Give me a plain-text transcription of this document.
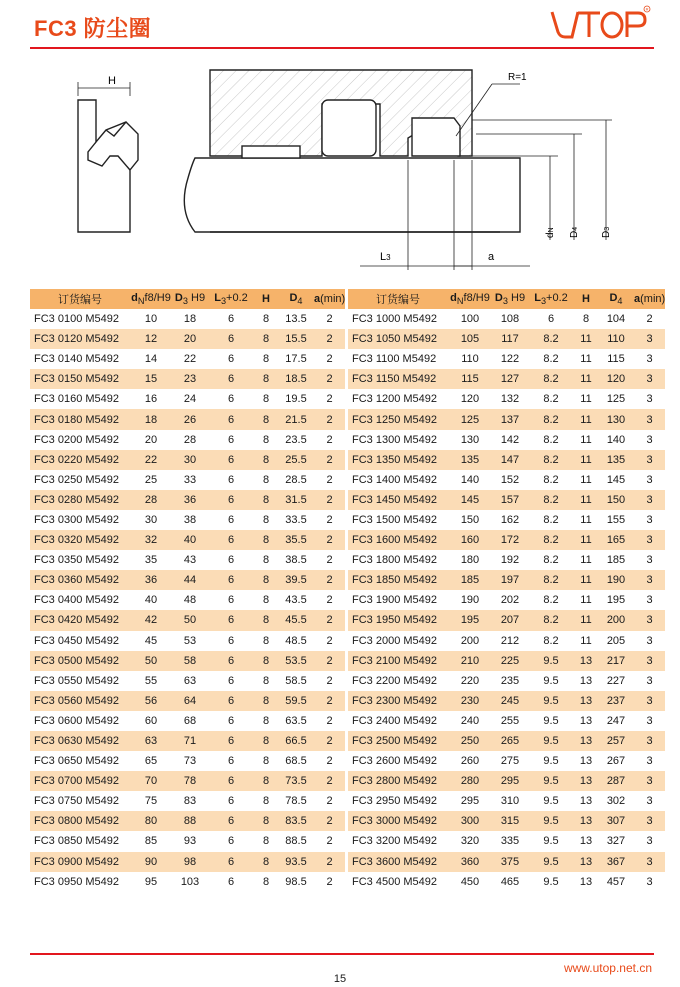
FC3 防尘圈
R
H	R=1
dN
D4
D3
L3	a
订货编号	$d_Nf8/H9$	$D_3$ H9	$L_3+0.2$	H	$D_4$	a(min)
FC3 0100 M5492	10	18	6	8	13.5	2
FC3 0120 M5492	12	20	6	8	15.5	2
FC3 0140 M5492	14	22	6	8	17.5	2
FC3 0150 M5492	15	23	6	8	18.5	2
FC3 0160 M5492	16	24	6	8	19.5	2
FC3 0180 M5492	18	26	6	8	21.5	2
FC3 0200 M5492	20	28	6	8	23.5	2
FC3 0220 M5492	22	30	6	8	25.5	2
FC3 0250 M5492	25	33	6	8	28.5	2
FC3 0280 M5492	28	36	6	8	31.5	2
FC3 0300 M5492	30	38	6	8	33.5	2
FC3 0320 M5492	32	40	6	8	35.5	2
FC3 0350 M5492	35	43	6	8	38.5	2
FC3 0360 M5492	36	44	6	8	39.5	2
FC3 0400 M5492	40	48	6	8	43.5	2
FC3 0420 M5492	42	50	6	8	45.5	2
FC3 0450 M5492	45	53	6	8	48.5	2
FC3 0500 M5492	50	58	6	8	53.5	2
FC3 0550 M5492	55	63	6	8	58.5	2
FC3 0560 M5492	56	64	6	8	59.5	2
FC3 0600 M5492	60	68	6	8	63.5	2
FC3 0630 M5492	63	71	6	8	66.5	2
FC3 0650 M5492	65	73	6	8	68.5	2
FC3 0700 M5492	70	78	6	8	73.5	2
FC3 0750 M5492	75	83	6	8	78.5	2
FC3 0800 M5492	80	88	6	8	83.5	2
FC3 0850 M5492	85	93	6	8	88.5	2
FC3 0900 M5492	90	98	6	8	93.5	2
FC3 0950 M5492	95	103	6	8	98.5	2
订货编号	$d_Nf8/H9$	$D_3$ H9	$L_3+0.2$	H	$D_4$	a(min)
FC3 1000 M5492	100	108	6	8	104	2
FC3 1050 M5492	105	117	8.2	11	110	3
FC3 1100 M5492	110	122	8.2	11	115	3
FC3 1150 M5492	115	127	8.2	11	120	3
FC3 1200 M5492	120	132	8.2	11	125	3
FC3 1250 M5492	125	137	8.2	11	130	3
FC3 1300 M5492	130	142	8.2	11	140	3
FC3 1350 M5492	135	147	8.2	11	135	3
FC3 1400 M5492	140	152	8.2	11	145	3
FC3 1450 M5492	145	157	8.2	11	150	3
FC3 1500 M5492	150	162	8.2	11	155	3
FC3 1600 M5492	160	172	8.2	11	165	3
FC3 1800 M5492	180	192	8.2	11	185	3
FC3 1850 M5492	185	197	8.2	11	190	3
FC3 1900 M5492	190	202	8.2	11	195	3
FC3 1950 M5492	195	207	8.2	11	200	3
FC3 2000 M5492	200	212	8.2	11	205	3
FC3 2100 M5492	210	225	9.5	13	217	3
FC3 2200 M5492	220	235	9.5	13	227	3
FC3 2300 M5492	230	245	9.5	13	237	3
FC3 2400 M5492	240	255	9.5	13	247	3
FC3 2500 M5492	250	265	9.5	13	257	3
FC3 2600 M5492	260	275	9.5	13	267	3
FC3 2800 M5492	280	295	9.5	13	287	3
FC3 2950 M5492	295	310	9.5	13	302	3
FC3 3000 M5492	300	315	9.5	13	307	3
FC3 3200 M5492	320	335	9.5	13	327	3
FC3 3600 M5492	360	375	9.5	13	367	3
FC3 4500 M5492	450	465	9.5	13	457	3
www.utop.net.cn
15
